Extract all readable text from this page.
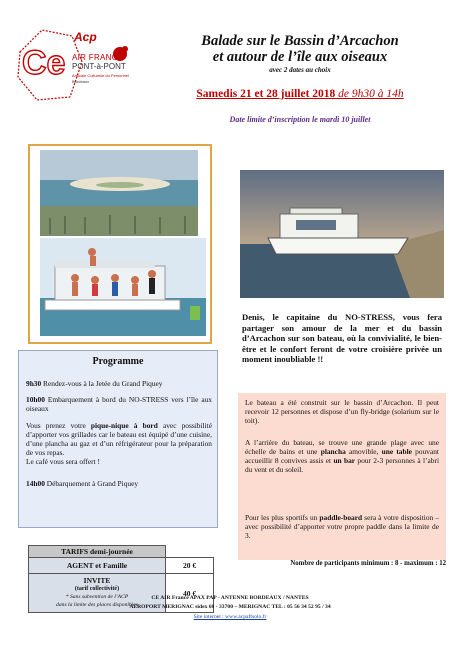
Ce
Acp
AIR FRANCE
PONT-à-PONT
Amicale Culturelle du Personnel
Bordeaux
Balade sur le Bassin d’Arcachon
et autour de l’île aux oiseaux
avec 2 dates au choix
Samedis 21 et 28 juillet 2018 de 9h30 à 14h
Date limite d’inscription le mardi 10 juillet
Programme
9h30 Rendez-vous à la Jetée du Grand Piquey
10h00 Embarquement à bord du NO-STRESS vers l’île aux oiseaux
Vous prenez votre pique-nique à bord avec possibilité d’apporter vos grillades car le bateau est équipé d’une cuisine, d’une plancha au gaz et d’un réfrigérateur pour la préparation de vos repas.
Le café vous sera offert !
14h00 Débarquement à Grand Piquey
TARIFS demi-journée	
AGENT et Famille	20 €

INVITE
(tarif collectivité)
* Sans subvention de l’ACP
dans la limite des places disponibles	40 €
Denis, le capitaine du NO-STRESS, vous fera partager son amour de la mer et du bassin d’Arcachon sur son bateau, où la convivialité, le bien-être et le confort feront de votre croisière privée un moment inoubliable !!
Le bateau a été construit sur le bassin d’Arcachon. Il peut recevoir 12 personnes et dispose d’un fly-bridge (solarium sur le toit).
A l’arrière du bateau, se trouve une grande plage avec une échelle de bains et une plancha amovible, une table pouvant accueillir 8 convives assis et un bar pour 2-3 personnes à l’abri du vent et du soleil.
Pour les plus sportifs un paddle-board sera à votre disposition – avec possibilité d’apporter votre propre paddle dans la limite de 3.
Nombre de participants minimum : 8 - maximum : 12
CE AIR France APAX PAP - ANTENNE BORDEAUX / NANTES
AEROPORT MERIGNAC sidex 68 - 33700 – MERIGNAC TEL : 05 56 34 52 95 / 34
Site internet : www.acpaftsolo.fr
